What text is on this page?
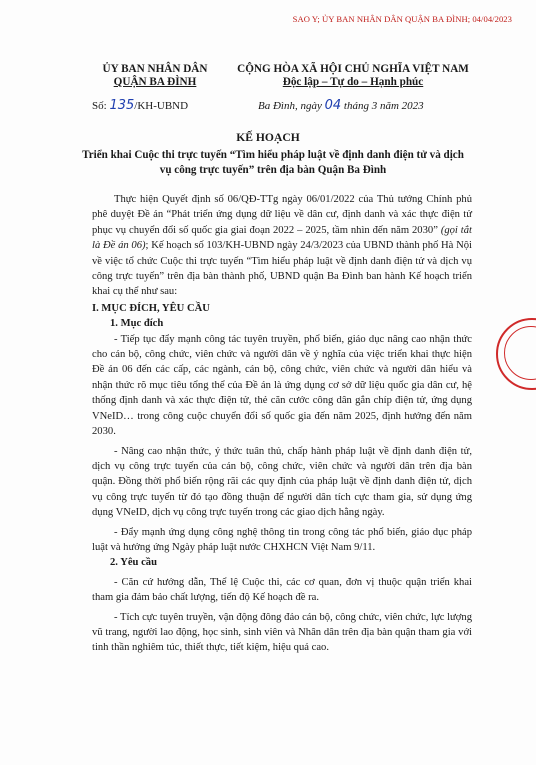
SAO Y; ỦY BAN NHÂN DÂN QUẬN BA ĐÌNH; 04/04/2023
ỦY BAN NHÂN DÂN
QUẬN BA ĐÌNH
CỘNG HÒA XÃ HỘI CHỦ NGHĨA VIỆT NAM
Độc lập – Tự do – Hạnh phúc
Số: 135/KH-UBND	Ba Đình, ngày 04 tháng 3 năm 2023
KẾ HOẠCH
Triển khai Cuộc thi trực tuyến “Tìm hiểu pháp luật về định danh điện tử và dịch vụ công trực tuyến” trên địa bàn Quận Ba Đình

Thực hiện Quyết định số 06/QĐ-TTg ngày 06/01/2022 của Thủ tướng Chính phủ phê duyệt Đề án “Phát triển ứng dụng dữ liệu về dân cư, định danh và xác thực điện tử phục vụ chuyển đổi số quốc gia giai đoạn 2022 – 2025, tầm nhìn đến năm 2030” (gọi tắt là Đề án 06); Kế hoạch số 103/KH-UBND ngày 24/3/2023 của UBND thành phố Hà Nội về việc tổ chức Cuộc thi trực tuyến “Tìm hiểu pháp luật về định danh điện tử và dịch vụ công trực tuyến” trên địa bàn thành phố, UBND quận Ba Đình ban hành Kế hoạch triển khai cụ thể như sau:

I. MỤC ĐÍCH, YÊU CẦU

1. Mục đích

- Tiếp tục đẩy mạnh công tác tuyên truyền, phổ biến, giáo dục nâng cao nhận thức cho cán bộ, công chức, viên chức và người dân về ý nghĩa của việc triển khai thực hiện Đề án 06 đến các cấp, các ngành, cán bộ, công chức, viên chức và người dân hiểu và nhận thức rõ mục tiêu tổng thể của Đề án là ứng dụng cơ sở dữ liệu quốc gia dân cư, hệ thống định danh và xác thực điện tử, thẻ căn cước công dân gắn chíp điện tử, ứng dụng VNeID… trong công cuộc chuyển đổi số quốc gia đến năm 2025, định hướng đến năm 2030.

- Nâng cao nhận thức, ý thức tuân thủ, chấp hành pháp luật về định danh điện tử, dịch vụ công trực tuyến của cán bộ, công chức, viên chức và người dân trên địa bàn quận. Đồng thời phổ biến rộng rãi các quy định của pháp luật về định danh điện tử, dịch vụ công trực tuyến từ đó tạo đồng thuận để người dân tích cực tham gia, sử dụng ứng dụng VNeID, dịch vụ công trực tuyến trong các giao dịch hằng ngày.

- Đẩy mạnh ứng dụng công nghệ thông tin trong công tác phổ biến, giáo dục pháp luật và hưởng ứng Ngày pháp luật nước CHXHCN Việt Nam 9/11.

2. Yêu cầu

- Căn cứ hướng dẫn, Thể lệ Cuộc thi, các cơ quan, đơn vị thuộc quận triển khai tham gia đảm bảo chất lượng, tiến độ Kế hoạch đề ra.

- Tích cực tuyên truyền, vận động đông đảo cán bộ, công chức, viên chức, lực lượng vũ trang, người lao động, học sinh, sinh viên và Nhân dân trên địa bàn quận tham gia với tinh thần nghiêm túc, thiết thực, tiết kiệm, hiệu quả cao.
